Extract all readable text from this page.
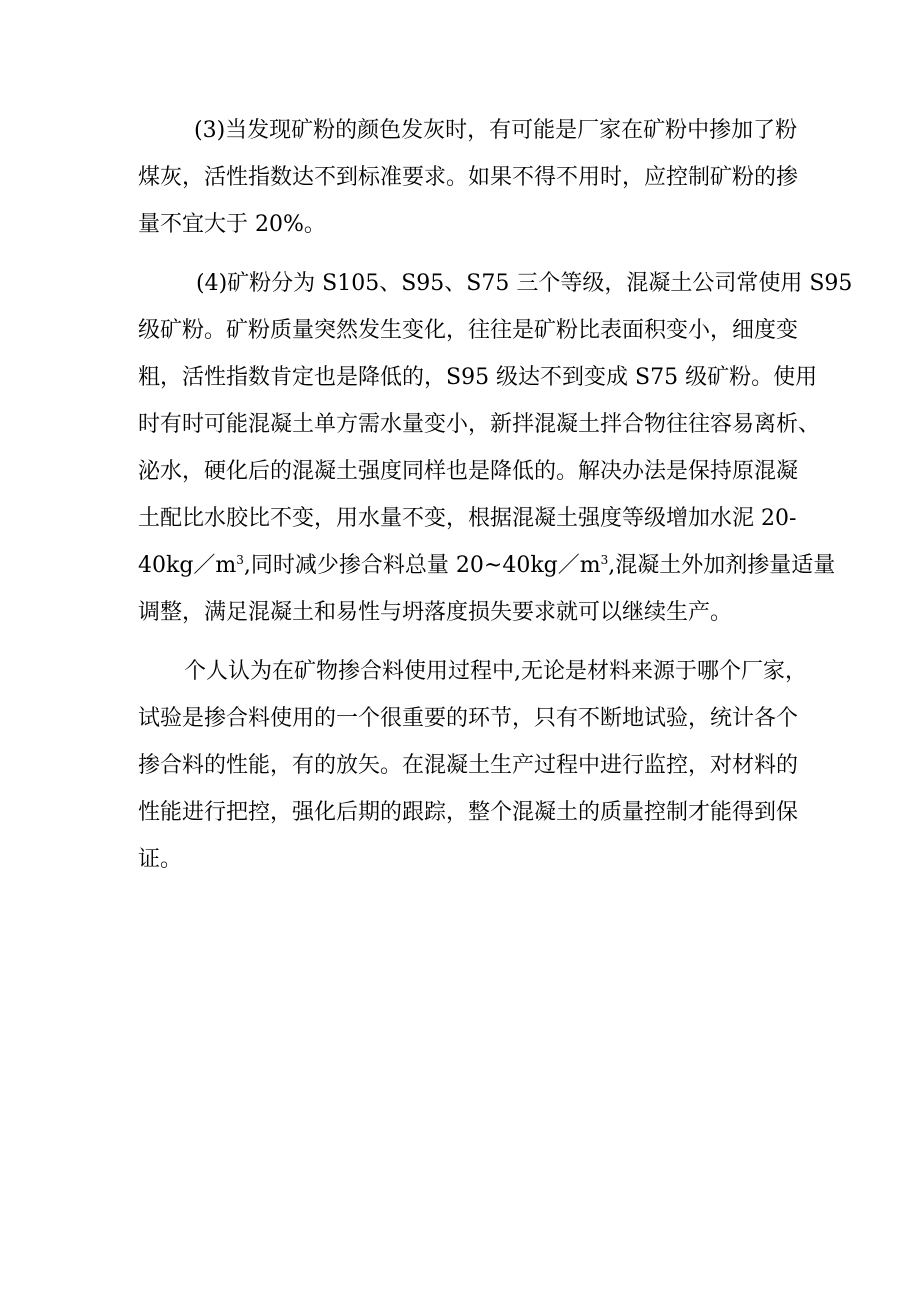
(3)当发现矿粉的颜色发灰时，有可能是厂家在矿粉中掺加了粉
煤灰，活性指数达不到标准要求。如果不得不用时，应控制矿粉的掺
量不宜大于 20%。
(4)矿粉分为 S105、S95、S75 三个等级，混凝土公司常使用 S95
级矿粉。矿粉质量突然发生变化，往往是矿粉比表面积变小，细度变
粗，活性指数肯定也是降低的，S95 级达不到变成 S75 级矿粉。使用
时有时可能混凝土单方需水量变小，新拌混凝土拌合物往往容易离析、
泌水，硬化后的混凝土强度同样也是降低的。解决办法是保持原混凝
土配比水胶比不变，用水量不变，根据混凝土强度等级增加水泥 20-
$40kg/m^3$,同时减少掺合料总量 $20\sim 40kg/m^3$,混凝土外加剂掺量适量
调整，满足混凝土和易性与坍落度损失要求就可以继续生产。
个人认为在矿物掺合料使用过程中,无论是材料来源于哪个厂家，
试验是掺合料使用的一个很重要的环节，只有不断地试验，统计各个
掺合料的性能，有的放矢。在混凝土生产过程中进行监控，对材料的
性能进行把控，强化后期的跟踪，整个混凝土的质量控制才能得到保
证。
